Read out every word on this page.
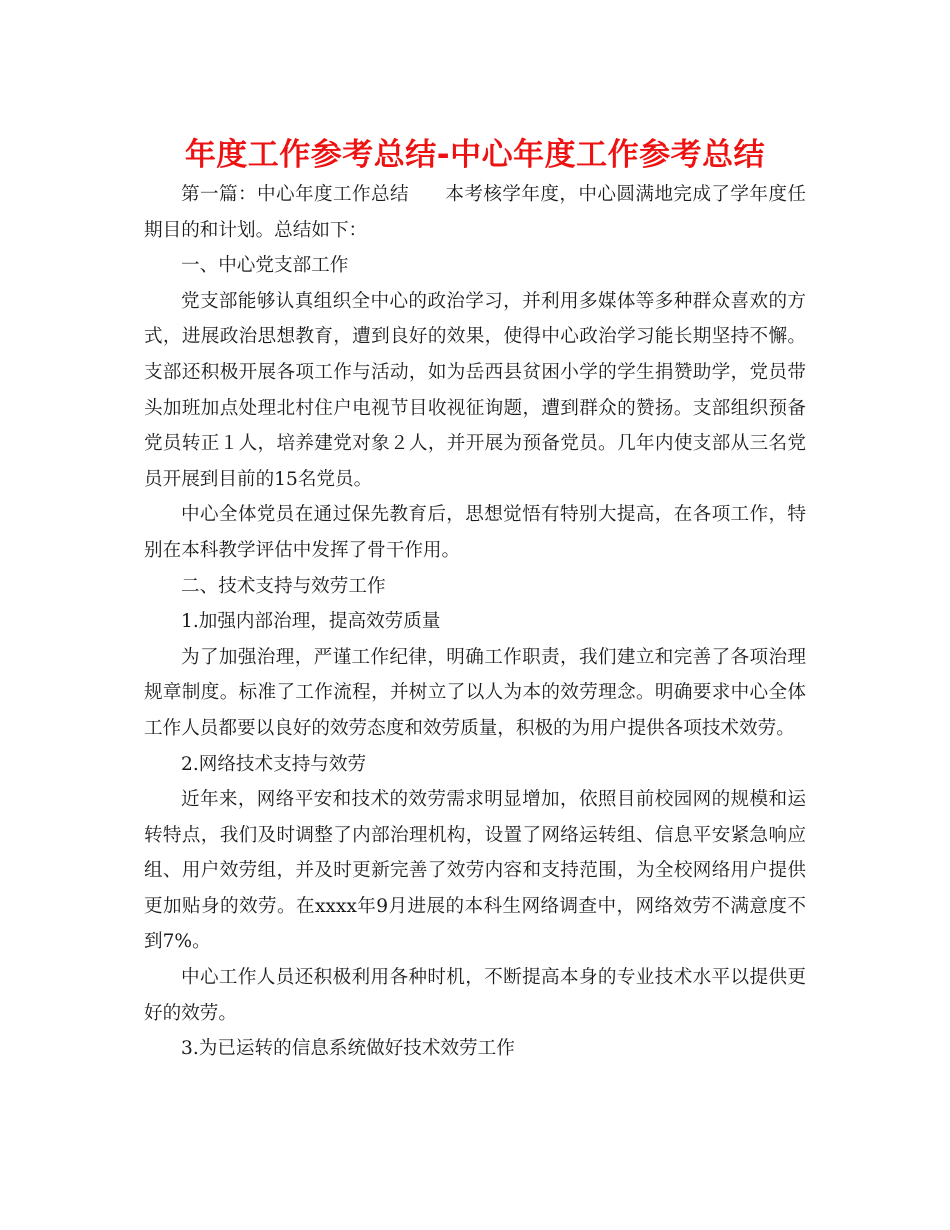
年度工作参考总结-中心年度工作参考总结

第一篇：中心年度工作总结 本考核学年度，中心圆满地完成了学年度任期目的和计划。总结如下：

一、中心党支部工作

党支部能够认真组织全中心的政治学习，并利用多媒体等多种群众喜欢的方式，进展政治思想教育，遭到良好的效果，使得中心政治学习能长期坚持不懈。支部还积极开展各项工作与活动，如为岳西县贫困小学的学生捐赞助学，党员带头加班加点处理北村住户电视节目收视征询题，遭到群众的赞扬。支部组织预备党员转正１人，培养建党对象２人，并开展为预备党员。几年内使支部从三名党员开展到目前的15名党员。

中心全体党员在通过保先教育后，思想觉悟有特别大提高，在各项工作，特别在本科教学评估中发挥了骨干作用。

二、技术支持与效劳工作

1.加强内部治理，提高效劳质量

为了加强治理，严谨工作纪律，明确工作职责，我们建立和完善了各项治理规章制度。标准了工作流程，并树立了以人为本的效劳理念。明确要求中心全体工作人员都要以良好的效劳态度和效劳质量，积极的为用户提供各项技术效劳。

2.网络技术支持与效劳

近年来，网络平安和技术的效劳需求明显增加，依照目前校园网的规模和运转特点，我们及时调整了内部治理机构，设置了网络运转组、信息平安紧急响应组、用户效劳组，并及时更新完善了效劳内容和支持范围，为全校网络用户提供更加贴身的效劳。在xxxx年9月进展的本科生网络调查中，网络效劳不满意度不到7%。

中心工作人员还积极利用各种时机，不断提高本身的专业技术水平以提供更好的效劳。

3.为已运转的信息系统做好技术效劳工作
